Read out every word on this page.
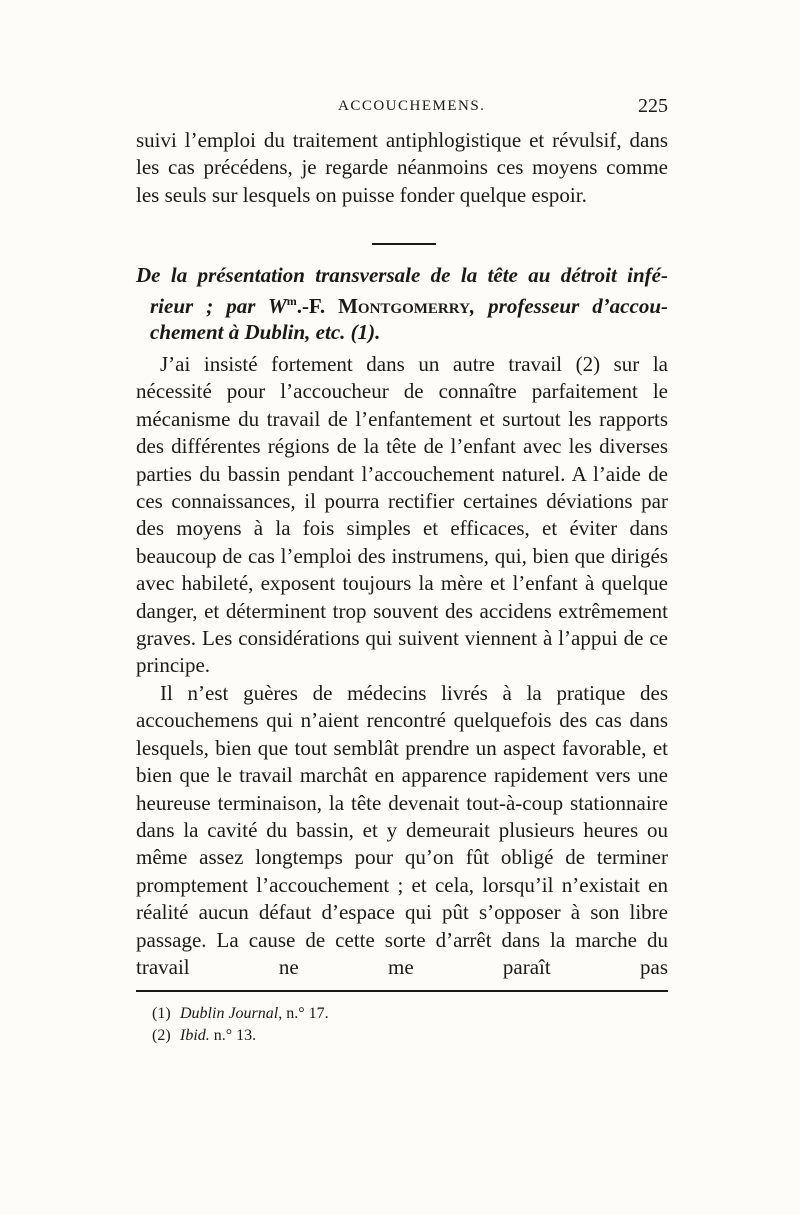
ACCOUCHEMENS.	225

suivi l’emploi du traitement antiphlogistique et révulsif, dans les cas précédens, je regarde néanmoins ces moyens comme les seuls sur lesquels on puisse fonder quelque espoir.

De la présentation transversale de la tête au détroit infé-
rieur ; par $W^m.-F$. Montgomerry, professeur d’accou-
chement à Dublin, etc. (1).

J’ai insisté fortement dans un autre travail (2) sur la nécessité pour l’accoucheur de connaître parfaitement le mécanisme du travail de l’enfantement et surtout les rapports des différentes régions de la tête de l’enfant avec les diverses parties du bassin pendant l’accouchement naturel. A l’aide de ces connaissances, il pourra rectifier certaines déviations par des moyens à la fois simples et efficaces, et éviter dans beaucoup de cas l’emploi des instrumens, qui, bien que dirigés avec habileté, exposent toujours la mère et l’enfant à quelque danger, et déterminent trop souvent des accidens extrêmement graves. Les considérations qui suivent viennent à l’appui de ce principe.

Il n’est guères de médecins livrés à la pratique des accouchemens qui n’aient rencontré quelquefois des cas dans lesquels, bien que tout semblât prendre un aspect favorable, et bien que le travail marchât en apparence rapidement vers une heureuse terminaison, la tête devenait tout-à-coup stationnaire dans la cavité du bassin, et y demeurait plusieurs heures ou même assez longtemps pour qu’on fût obligé de terminer promptement l’accouchement ; et cela, lorsqu’il n’existait en réalité aucun défaut d’espace qui pût s’opposer à son libre passage. La cause de cette sorte d’arrêt dans la marche du travail ne me paraît pas

(1) Dublin Journal, n.° 17.
(2) Ibid. n.° 13.
